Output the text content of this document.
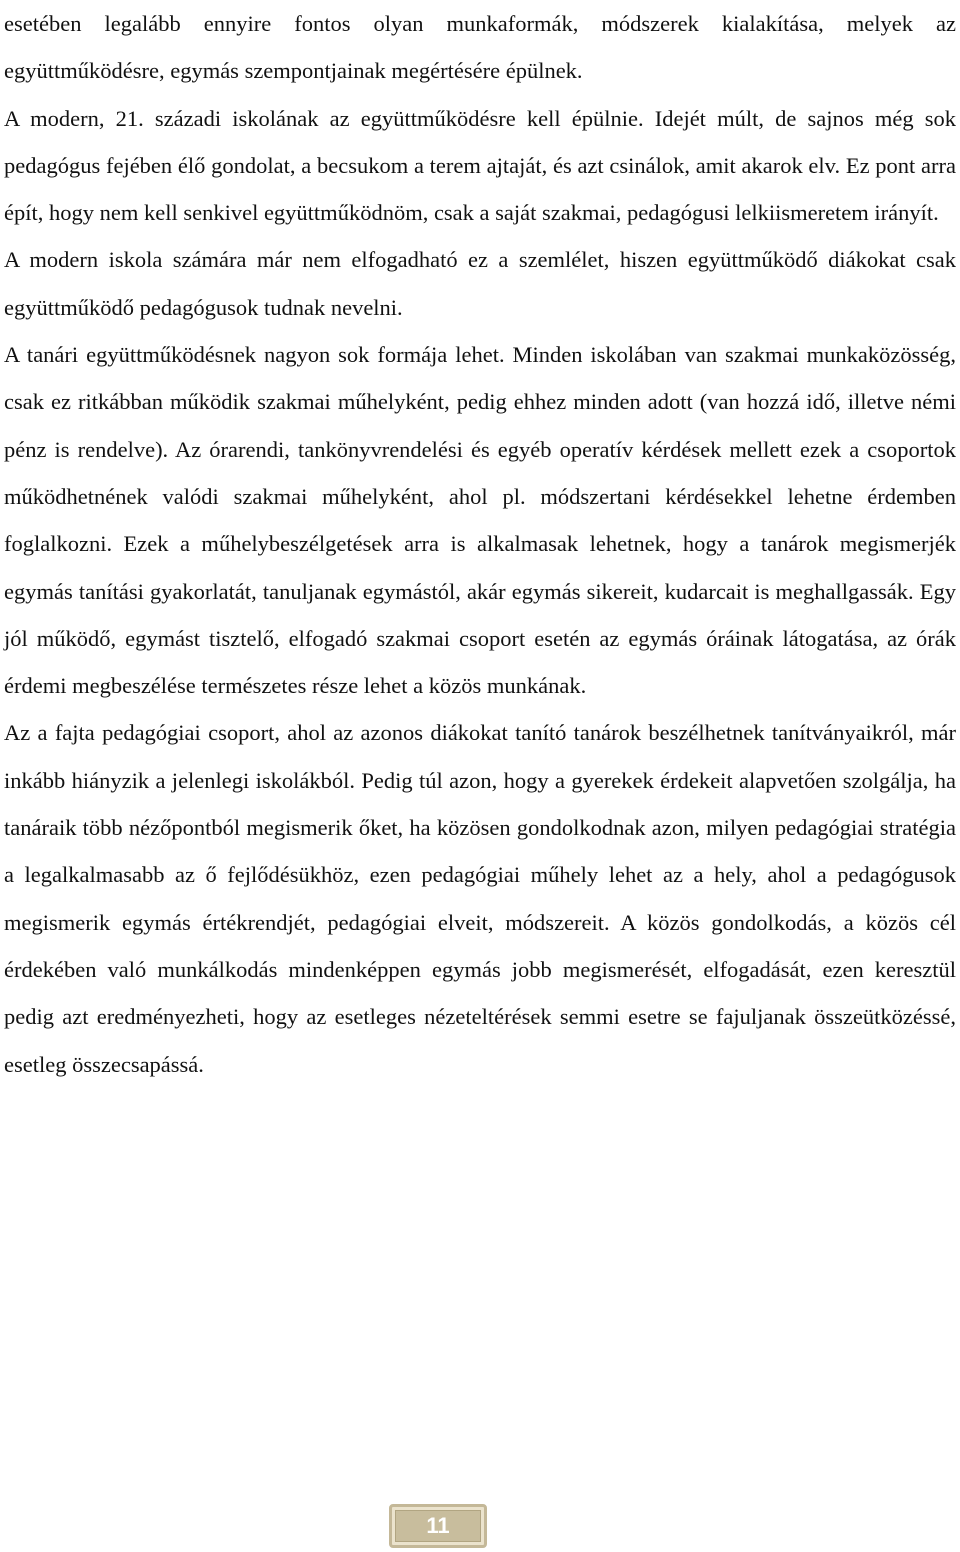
esetében legalább ennyire fontos olyan munkaformák, módszerek kialakítása, melyek az együttműködésre, egymás szempontjainak megértésére épülnek.

A modern, 21. századi iskolának az együttműködésre kell épülnie. Idejét múlt, de sajnos még sok pedagógus fejében élő gondolat, a becsukom a terem ajtaját, és azt csinálok, amit akarok elv. Ez pont arra épít, hogy nem kell senkivel együttműködnöm, csak a saját szakmai, pedagógusi lelkiismeretem irányít.

A modern iskola számára már nem elfogadható ez a szemlélet, hiszen együttműködő diákokat csak együttműködő pedagógusok tudnak nevelni.

A tanári együttműködésnek nagyon sok formája lehet. Minden iskolában van szakmai munkaközösség, csak ez ritkábban működik szakmai műhelyként, pedig ehhez minden adott (van hozzá idő, illetve némi pénz is rendelve). Az órarendi, tankönyvrendelési és egyéb operatív kérdések mellett ezek a csoportok működhetnének valódi szakmai műhelyként, ahol pl. módszertani kérdésekkel lehetne érdemben foglalkozni. Ezek a műhelybeszélgetések arra is alkalmasak lehetnek, hogy a tanárok megismerjék egymás tanítási gyakorlatát, tanuljanak egymástól, akár egymás sikereit, kudarcait is meghallgassák. Egy jól működő, egymást tisztelő, elfogadó szakmai csoport esetén az egymás óráinak látogatása, az órák érdemi megbeszélése természetes része lehet a közös munkának.

Az a fajta pedagógiai csoport, ahol az azonos diákokat tanító tanárok beszélhetnek tanítványaikról, már inkább hiányzik a jelenlegi iskolákból. Pedig túl azon, hogy a gyerekek érdekeit alapvetően szolgálja, ha tanáraik több nézőpontból megismerik őket, ha közösen gondolkodnak azon, milyen pedagógiai stratégia a legalkalmasabb az ő fejlődésükhöz, ezen pedagógiai műhely lehet az a hely, ahol a pedagógusok megismerik egymás értékrendjét, pedagógiai elveit, módszereit. A közös gondolkodás, a közös cél érdekében való munkálkodás mindenképpen egymás jobb megismerését, elfogadását, ezen keresztül pedig azt eredményezheti, hogy az esetleges nézeteltérések semmi esetre se fajuljanak összeütközéssé, esetleg összecsapássá.

11
